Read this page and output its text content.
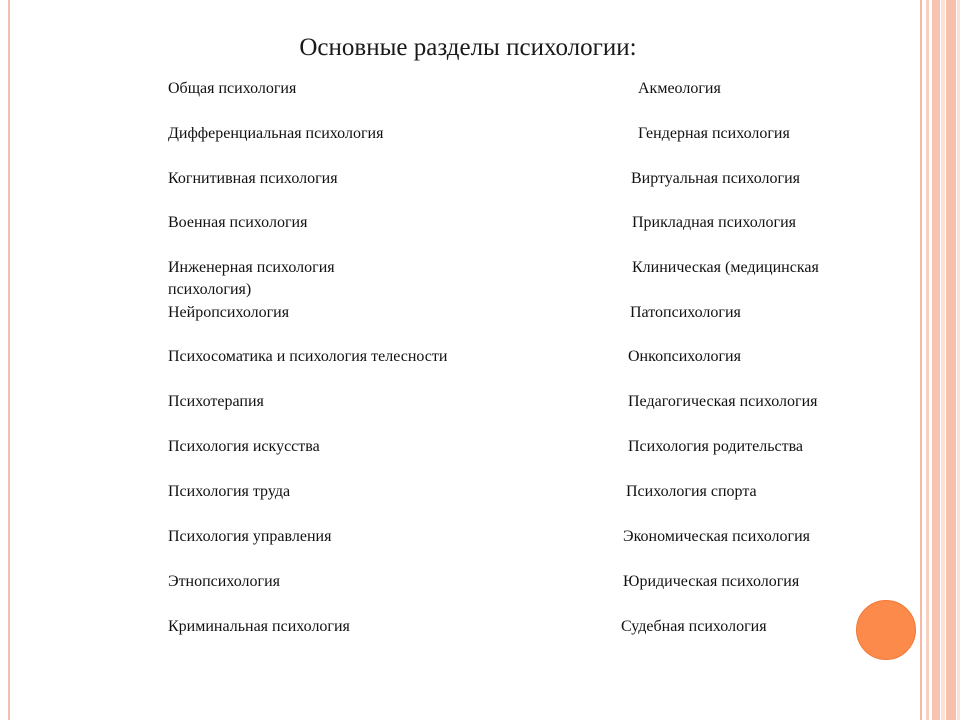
Основные разделы психологии:
Общая психология
Дифференциальная психология
Когнитивная психология
Военная психология
Инженерная психология
Нейропсихология
Психосоматика и психология телесности
Психотерапия
Психология искусства
Психология труда
Психология управления
Этнопсихология
Криминальная психология
Акмеология
Гендерная психология
Виртуальная психология
Прикладная психология
Клиническая (медицинская
психология)
Патопсихология
Онкопсихология
Педагогическая психология
Психология родительства
Психология спорта
Экономическая психология
Юридическая психология
Судебная психология
